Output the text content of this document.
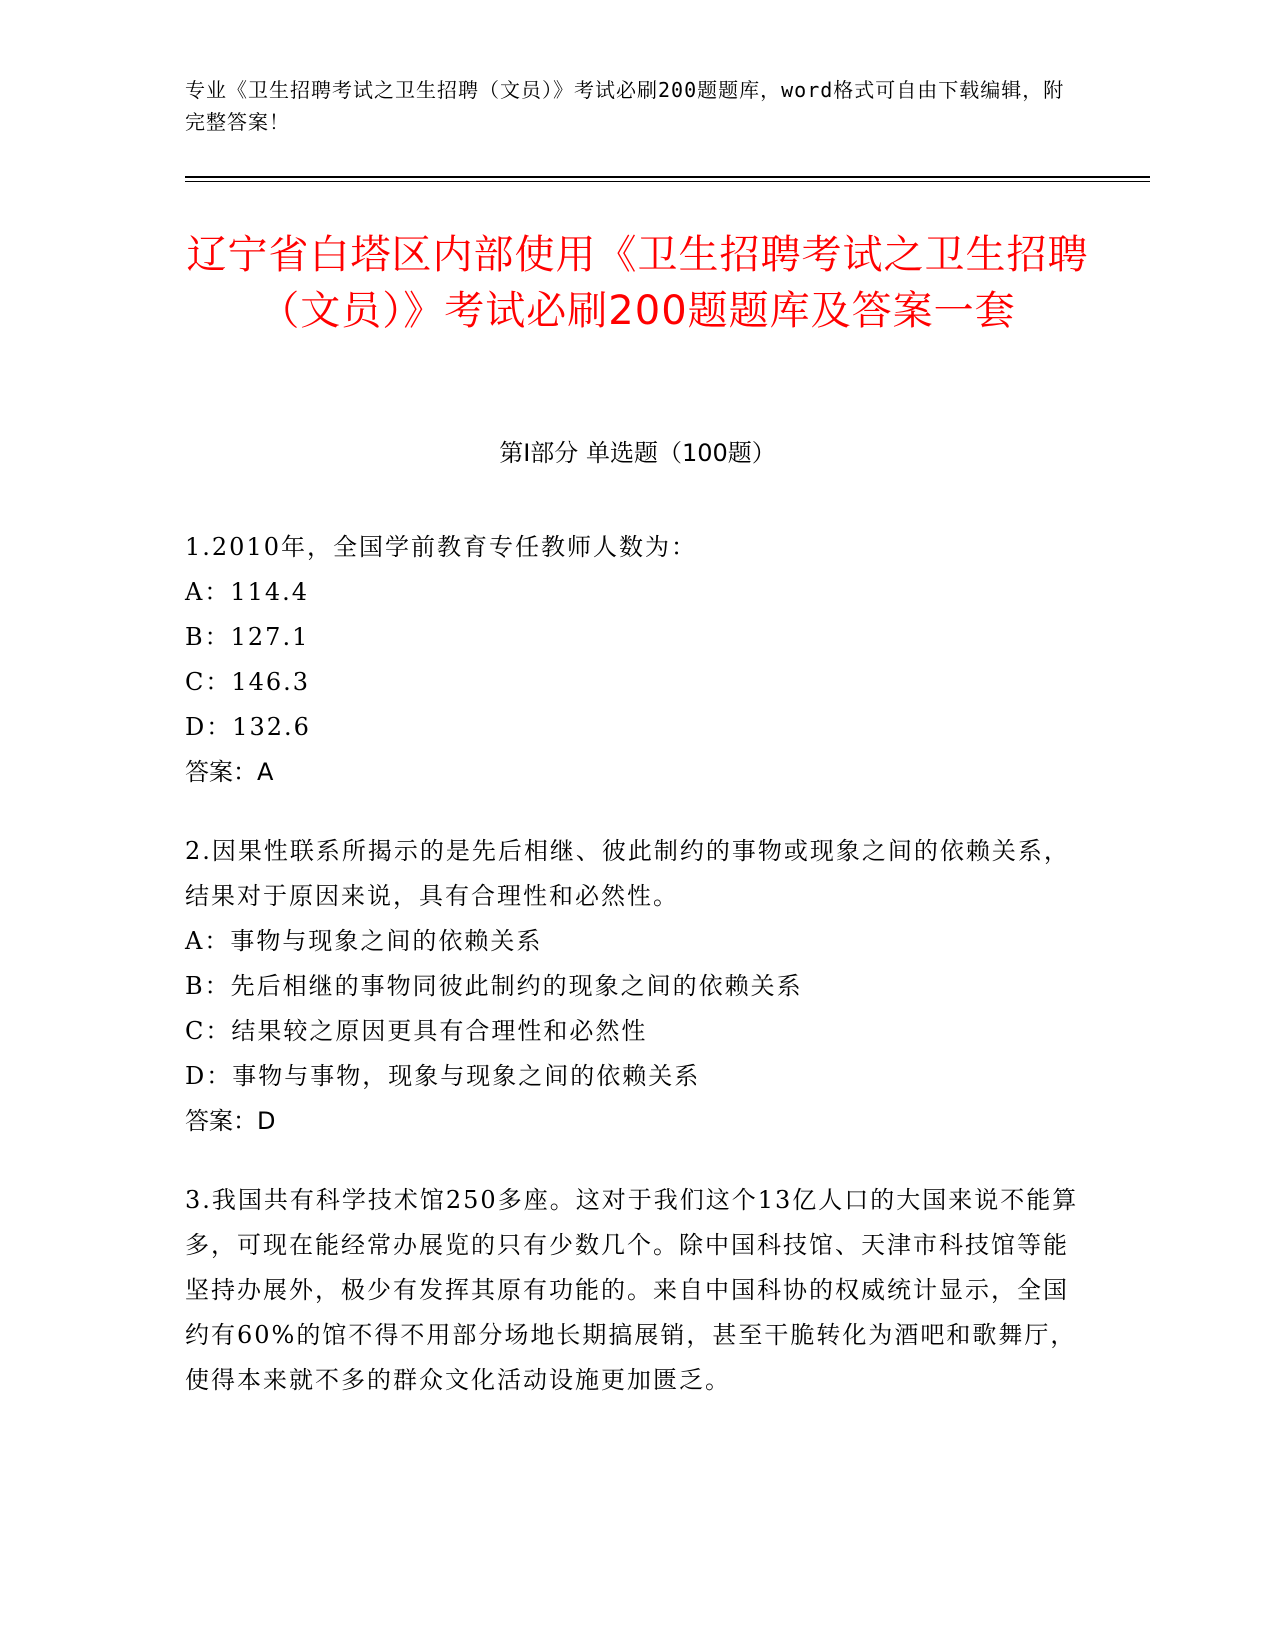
专业《卫生招聘考试之卫生招聘（文员）》考试必刷200题题库，word格式可自由下载编辑，附完整答案！
辽宁省白塔区内部使用《卫生招聘考试之卫生招聘（文员）》考试必刷200题题库及答案一套
第Ⅰ部分 单选题（100题）

1.2010年，全国学前教育专任教师人数为：

A：114.4

B：127.1

C：146.3

D：132.6

答案：A

2.因果性联系所揭示的是先后相继、彼此制约的事物或现象之间的依赖关系，结果对于原因来说，具有合理性和必然性。

A：事物与现象之间的依赖关系

B：先后相继的事物同彼此制约的现象之间的依赖关系

C：结果较之原因更具有合理性和必然性

D：事物与事物，现象与现象之间的依赖关系

答案：D

3.我国共有科学技术馆250多座。这对于我们这个13亿人口的大国来说不能算多，可现在能经常办展览的只有少数几个。除中国科技馆、天津市科技馆等能坚持办展外，极少有发挥其原有功能的。来自中国科协的权威统计显示，全国约有60%的馆不得不用部分场地长期搞展销，甚至干脆转化为酒吧和歌舞厅，使得本来就不多的群众文化活动设施更加匮乏。
